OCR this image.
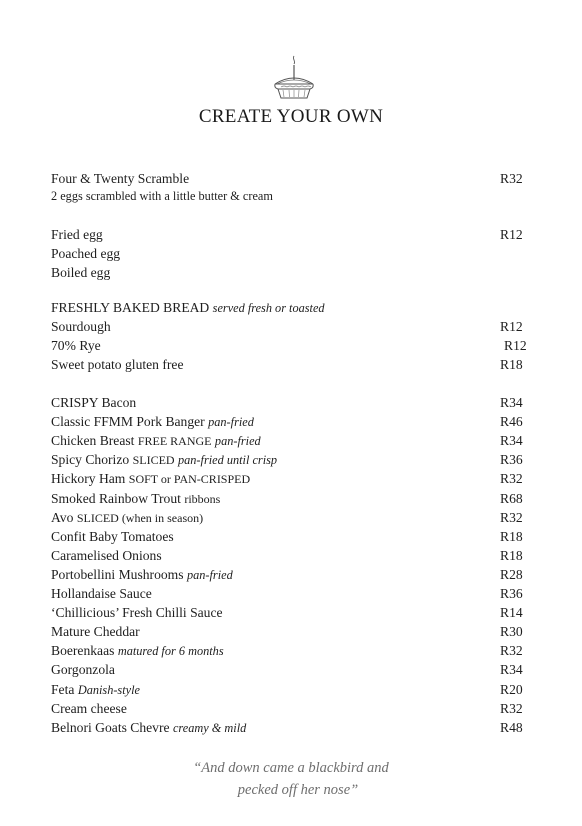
CREATE YOUR OWN
Four & Twenty Scramble	R32
2 eggs scrambled with a little butter & cream
Fried egg	R12
Poached egg
Boiled egg
FRESHLY BAKED BREAD served fresh or toasted
Sourdough	R12
70% Rye	R12
Sweet potato gluten free	R18
CRISPY Bacon	R34
Classic FFMM Pork Banger pan-fried	R46
Chicken Breast FREE RANGE pan-fried	R34
Spicy Chorizo SLICED pan-fried until crisp	R36
Hickory Ham SOFT or PAN-CRISPED	R32
Smoked Rainbow Trout ribbons	R68
Avo SLICED (when in season)	R32
Confit Baby Tomatoes	R18
Caramelised Onions	R18
Portobellini Mushrooms pan-fried	R28
Hollandaise Sauce	R36
‘Chillicious’ Fresh Chilli Sauce	R14
Mature Cheddar	R30
Boerenkaas matured for 6 months	R32
Gorgonzola	R34
Feta Danish-style	R20
Cream cheese	R32
Belnori Goats Chevre creamy & mild	R48
“And down came a blackbird and
pecked off her nose”
